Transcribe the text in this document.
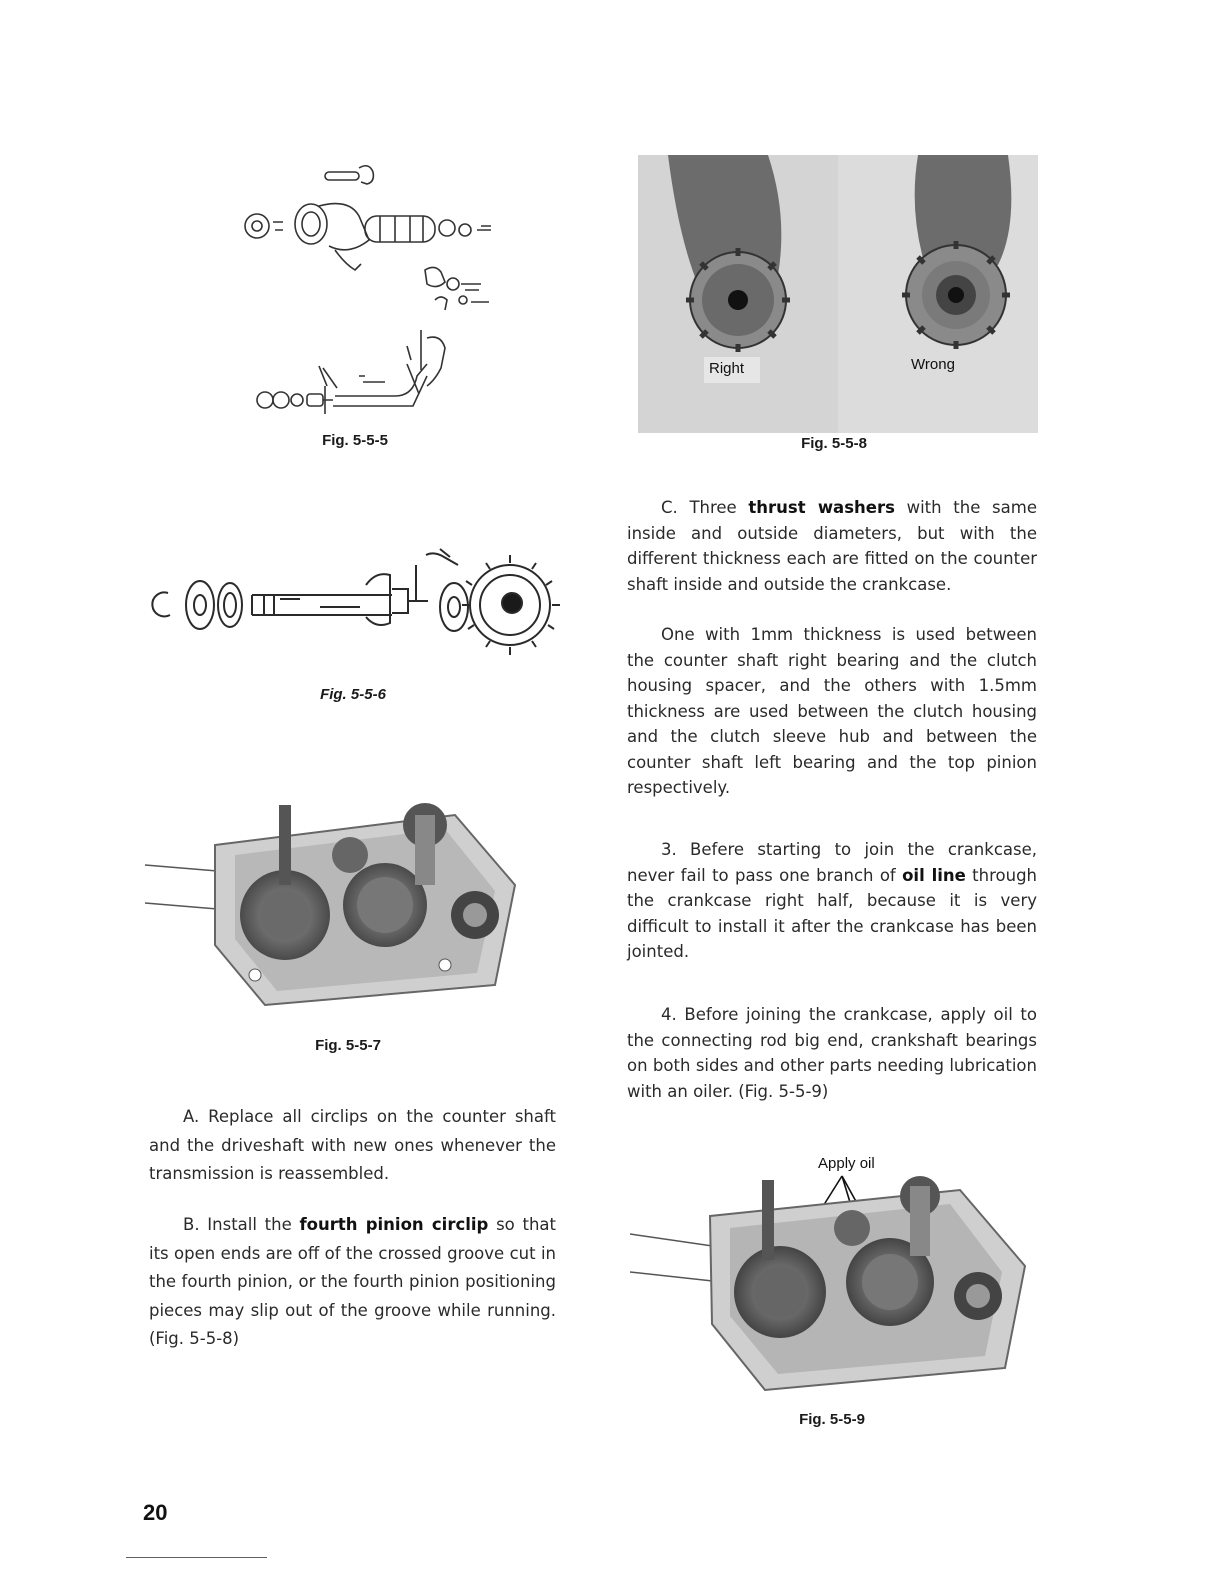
Fig. 5-5-5
Fig. 5-5-6
Fig. 5-5-7

A. Replace all circlips on the counter shaft and the driveshaft with new ones whenever the transmission is reassembled.

B. Install the fourth pinion circlip so that its open ends are off of the crossed groove cut in the fourth pinion, or the fourth pinion positioning pieces may slip out of the groove while running. (Fig. 5-5-8)

20
Right	Wrong
Fig. 5-5-8

C. Three thrust washers with the same inside and outside diameters, but with the different thickness each are fitted on the counter shaft inside and outside the crankcase.

One with 1mm thickness is used between the counter shaft right bearing and the clutch housing spacer, and the others with 1.5mm thickness are used between the clutch housing and the clutch sleeve hub and between the counter shaft left bearing and the top pinion respectively.

3. Befere starting to join the crankcase, never fail to pass one branch of oil line through the crankcase right half, because it is very difficult to install it after the crankcase has been jointed.

4. Before joining the crankcase, apply oil to the connecting rod big end, crankshaft bearings on both sides and other parts needing lubrication with an oiler. (Fig. 5-5-9)

Apply oil
Fig. 5-5-9
